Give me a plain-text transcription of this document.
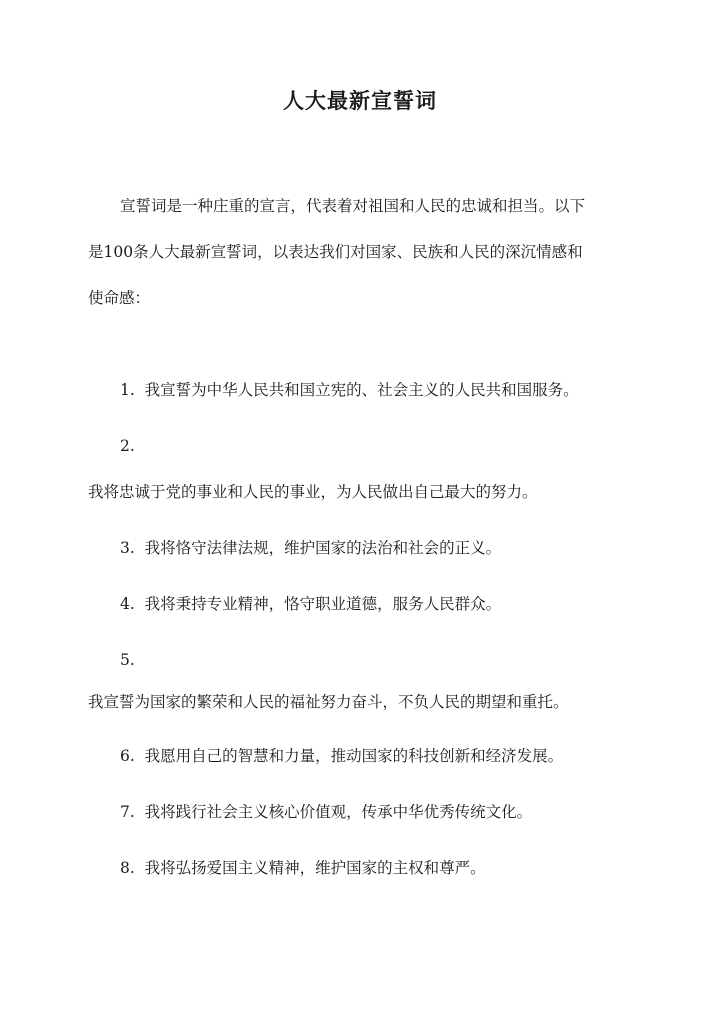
人大最新宣誓词
宣誓词是一种庄重的宣言，代表着对祖国和人民的忠诚和担当。以下
是100条人大最新宣誓词，以表达我们对国家、民族和人民的深沉情感和
使命感：
1. 我宣誓为中华人民共和国立宪的、社会主义的人民共和国服务。
2.
我将忠诚于党的事业和人民的事业，为人民做出自己最大的努力。
3. 我将恪守法律法规，维护国家的法治和社会的正义。
4. 我将秉持专业精神，恪守职业道德，服务人民群众。
5.
我宣誓为国家的繁荣和人民的福祉努力奋斗，不负人民的期望和重托。
6. 我愿用自己的智慧和力量，推动国家的科技创新和经济发展。
7. 我将践行社会主义核心价值观，传承中华优秀传统文化。
8. 我将弘扬爱国主义精神，维护国家的主权和尊严。
